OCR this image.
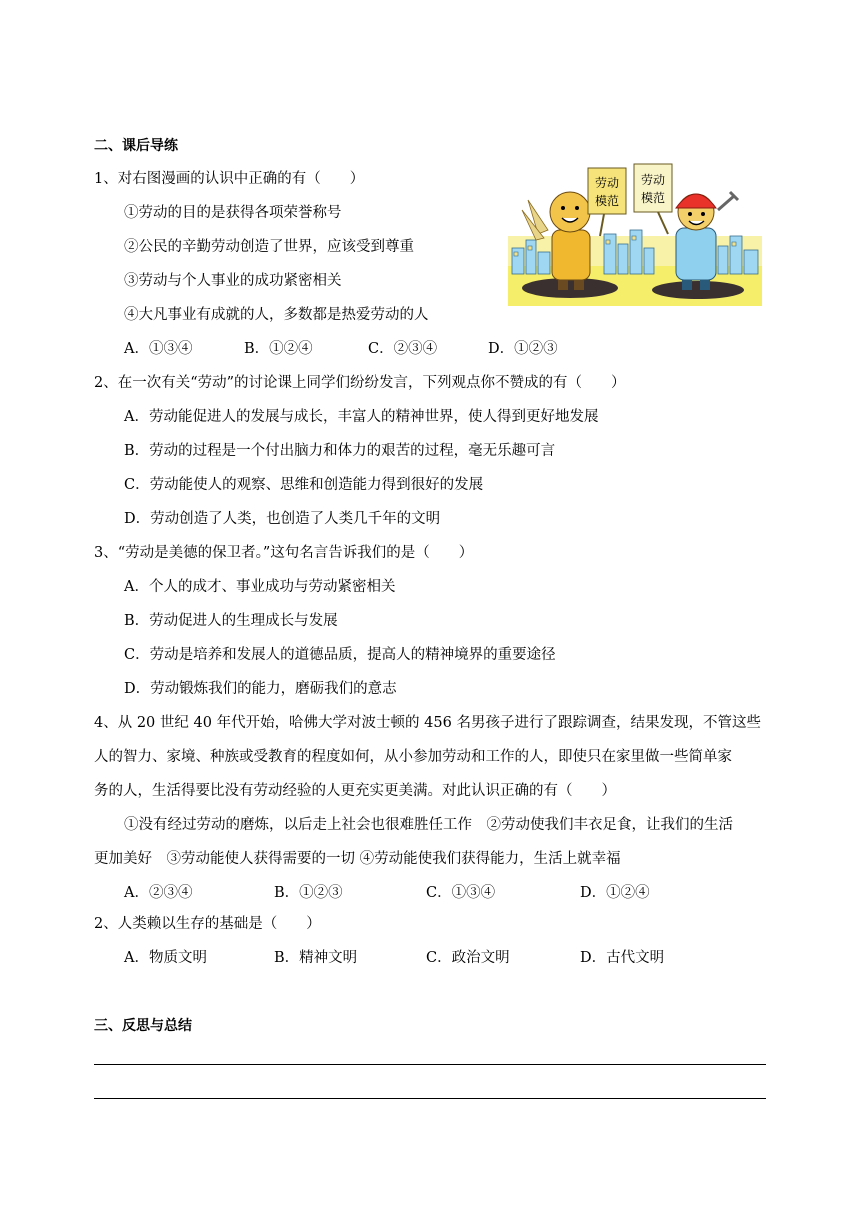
二、课后导练
1、对右图漫画的认识中正确的有（　　）
①劳动的目的是获得各项荣誉称号
②公民的辛勤劳动创造了世界，应该受到尊重
③劳动与个人事业的成功紧密相关
④大凡事业有成就的人，多数都是热爱劳动的人
A．①③④	B．①②④	C．②③④	D．①②③
劳动
模范
劳动
模范
2、在一次有关“劳动”的讨论课上同学们纷纷发言，下列观点你不赞成的有（　　）
A．劳动能促进人的发展与成长，丰富人的精神世界，使人得到更好地发展
B．劳动的过程是一个付出脑力和体力的艰苦的过程，毫无乐趣可言
C．劳动能使人的观察、思维和创造能力得到很好的发展
D．劳动创造了人类，也创造了人类几千年的文明
3、“劳动是美德的保卫者。”这句名言告诉我们的是（　　）
A．个人的成才、事业成功与劳动紧密相关
B．劳动促进人的生理成长与发展
C．劳动是培养和发展人的道德品质，提高人的精神境界的重要途径
D．劳动锻炼我们的能力，磨砺我们的意志
4、从 20 世纪 40 年代开始，哈佛大学对波士顿的 456 名男孩子进行了跟踪调查，结果发现，不管这些
人的智力、家境、种族或受教育的程度如何，从小参加劳动和工作的人，即使只在家里做一些简单家
务的人，生活得要比没有劳动经验的人更充实更美满。对此认识正确的有（　　）
①没有经过劳动的磨炼，以后走上社会也很难胜任工作　②劳动使我们丰衣足食，让我们的生活
更加美好　③劳动能使人获得需要的一切 ④劳动能使我们获得能力，生活上就幸福
A．②③④	B．①②③	C．①③④	D．①②④
2、人类赖以生存的基础是（　　）
A．物质文明	B．精神文明	C．政治文明	D．古代文明
三、反思与总结
